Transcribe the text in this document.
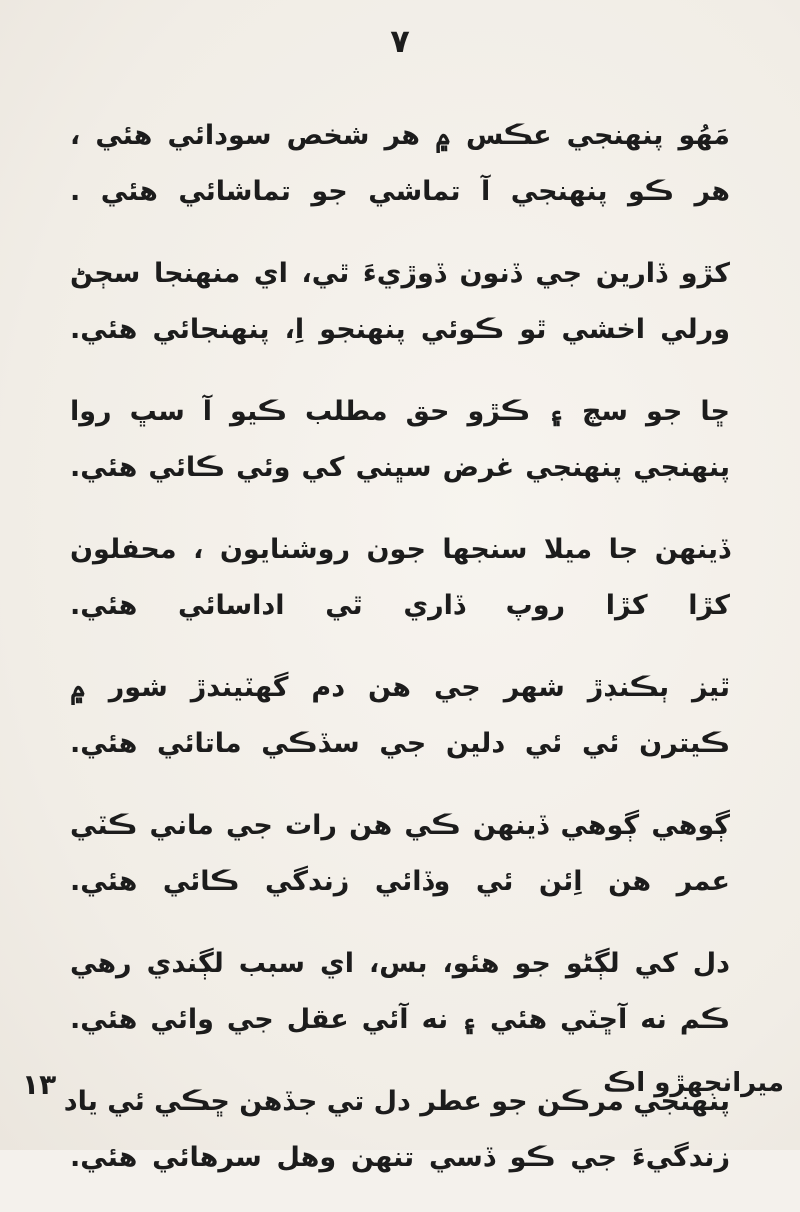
٧
مَهُو پنهنجي عڪس ۾ هر شخص سودائي هئي ،
هر ڪو پنهنجي آ تماشي جو تماشائي هئي .
کڙو ڏارين جي ڏنون ڏوڙيءَ ٿي، اي منهنجا سڄڻ
ورلي اخشي ٿو ڪوئي پنهنجو اِ، پنهنجائي هئي.
ڇا جو سچ ۽ ڪڙو حق مطلب ڪيو آ سڀ روا
پنهنجي پنهنجي غرض سڀني کي وئي ڪائي هئي.
ڏينهن جا ميلا سنجها جون روشنايون ، محفلون
کڙا کڙا روپ ڏاري ٿي اداسائي هئي.
ٿيز ٻڪنڊڙ شهر جي هن دم گهٽيندڙ شور ۾
ڪيترن ئي ئي دلين جي سڏڪي ماتائي هئي.
ڳوهي ڳوهي ڏينهن ڪي هن رات جي ماني ڪٽي
عمر هن اِئن ئي وڏائي زندگي ڪائي هئي.
دل کي لڳڻو جو هئو، بس، اي سبب لڳندي رهي
ڪم نه آڇٽي هئي ۽ نه آئي عقل جي وائي هئي.
پنهنجي مرڪن جو عطر دل تي جڏهن ڇڪي ئي ياد
زندگيءَ جي ڪو ڏسي تنهن وهل سرهائي هئي.
١٣	ميرانجهڙو اڪ
